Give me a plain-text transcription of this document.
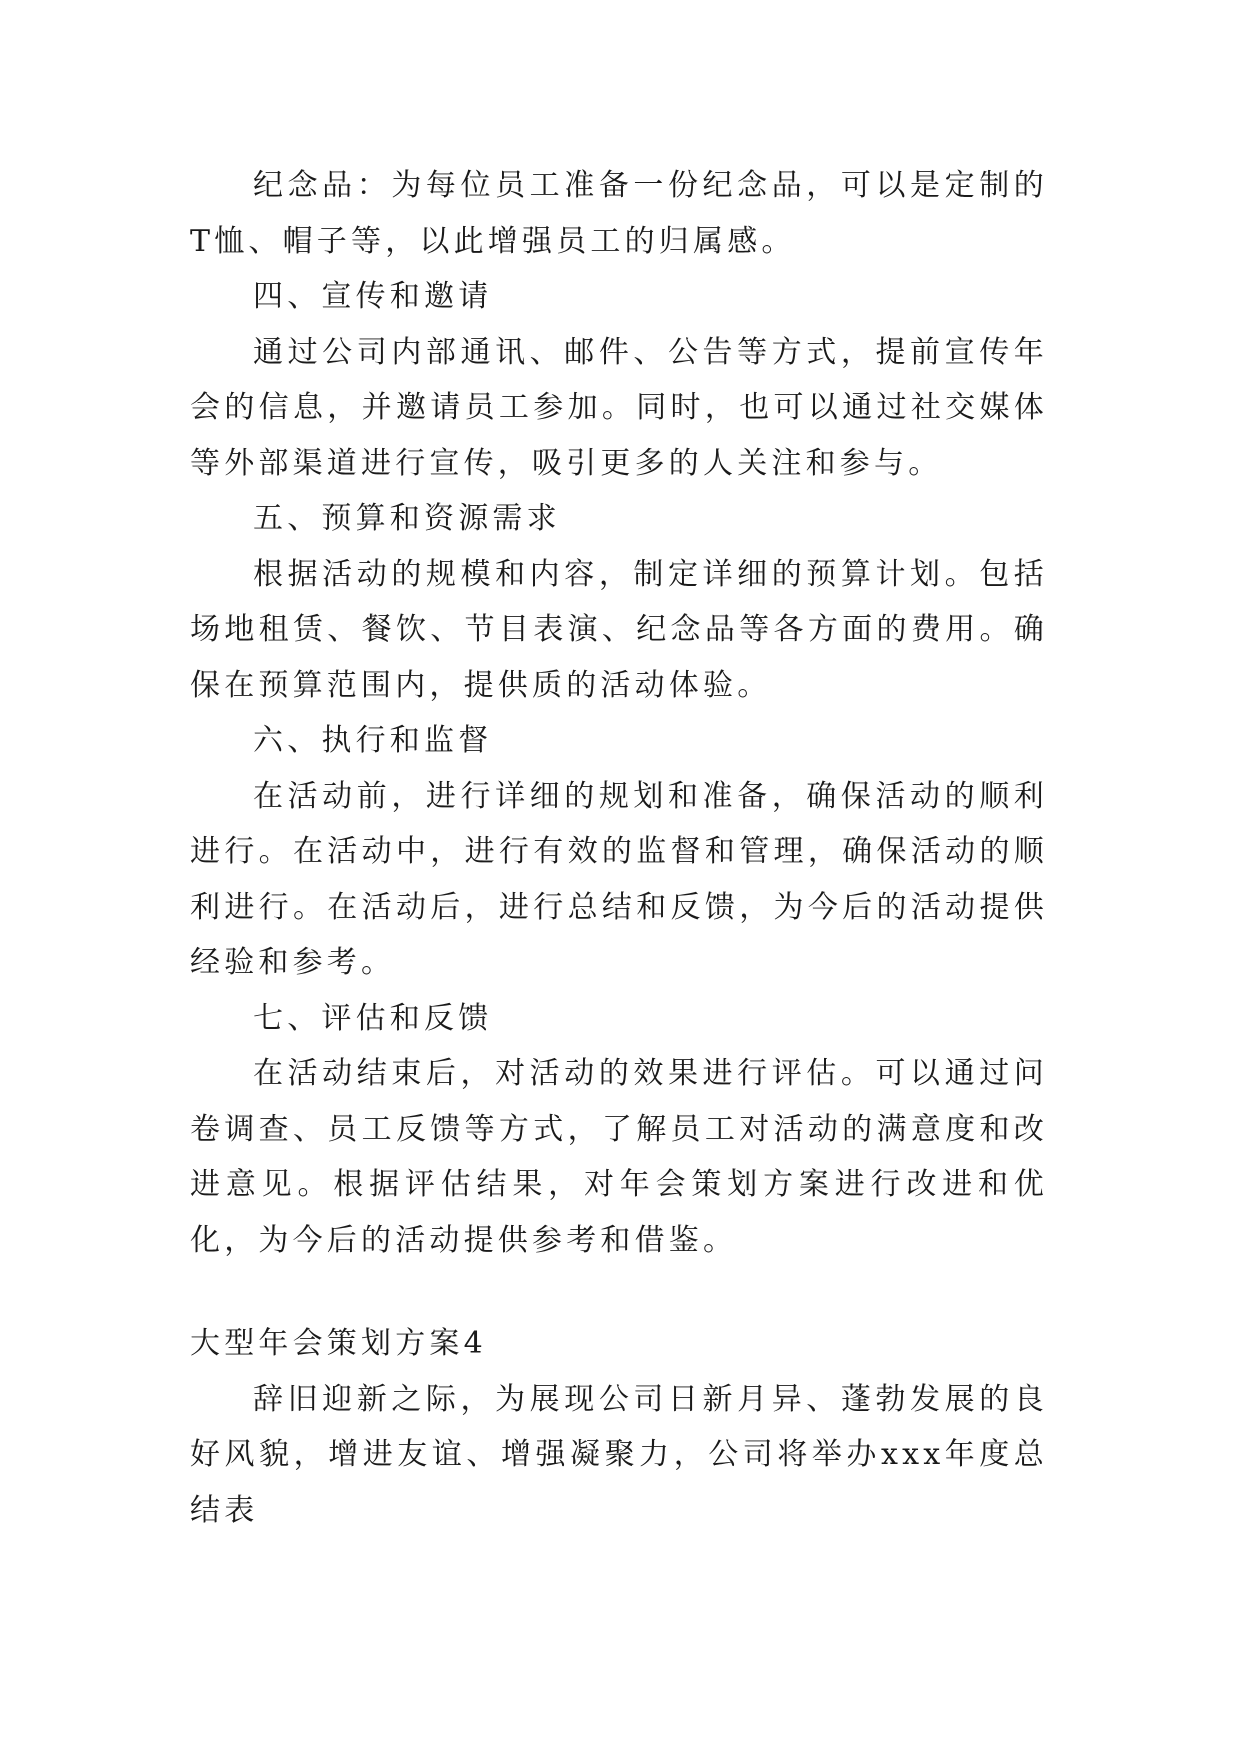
纪念品：为每位员工准备一份纪念品，可以是定制的T恤、帽子等，以此增强员工的归属感。

四、宣传和邀请

通过公司内部通讯、邮件、公告等方式，提前宣传年会的信息，并邀请员工参加。同时，也可以通过社交媒体等外部渠道进行宣传，吸引更多的人关注和参与。

五、预算和资源需求

根据活动的规模和内容，制定详细的预算计划。包括场地租赁、餐饮、节目表演、纪念品等各方面的费用。确保在预算范围内，提供质的活动体验。

六、执行和监督

在活动前，进行详细的规划和准备，确保活动的顺利进行。在活动中，进行有效的监督和管理，确保活动的顺利进行。在活动后，进行总结和反馈，为今后的活动提供经验和参考。

七、评估和反馈

在活动结束后，对活动的效果进行评估。可以通过问卷调查、员工反馈等方式，了解员工对活动的满意度和改进意见。根据评估结果，对年会策划方案进行改进和优化，为今后的活动提供参考和借鉴。

大型年会策划方案4

辞旧迎新之际，为展现公司日新月异、蓬勃发展的良好风貌，增进友谊、增强凝聚力，公司将举办xxx年度总结表
